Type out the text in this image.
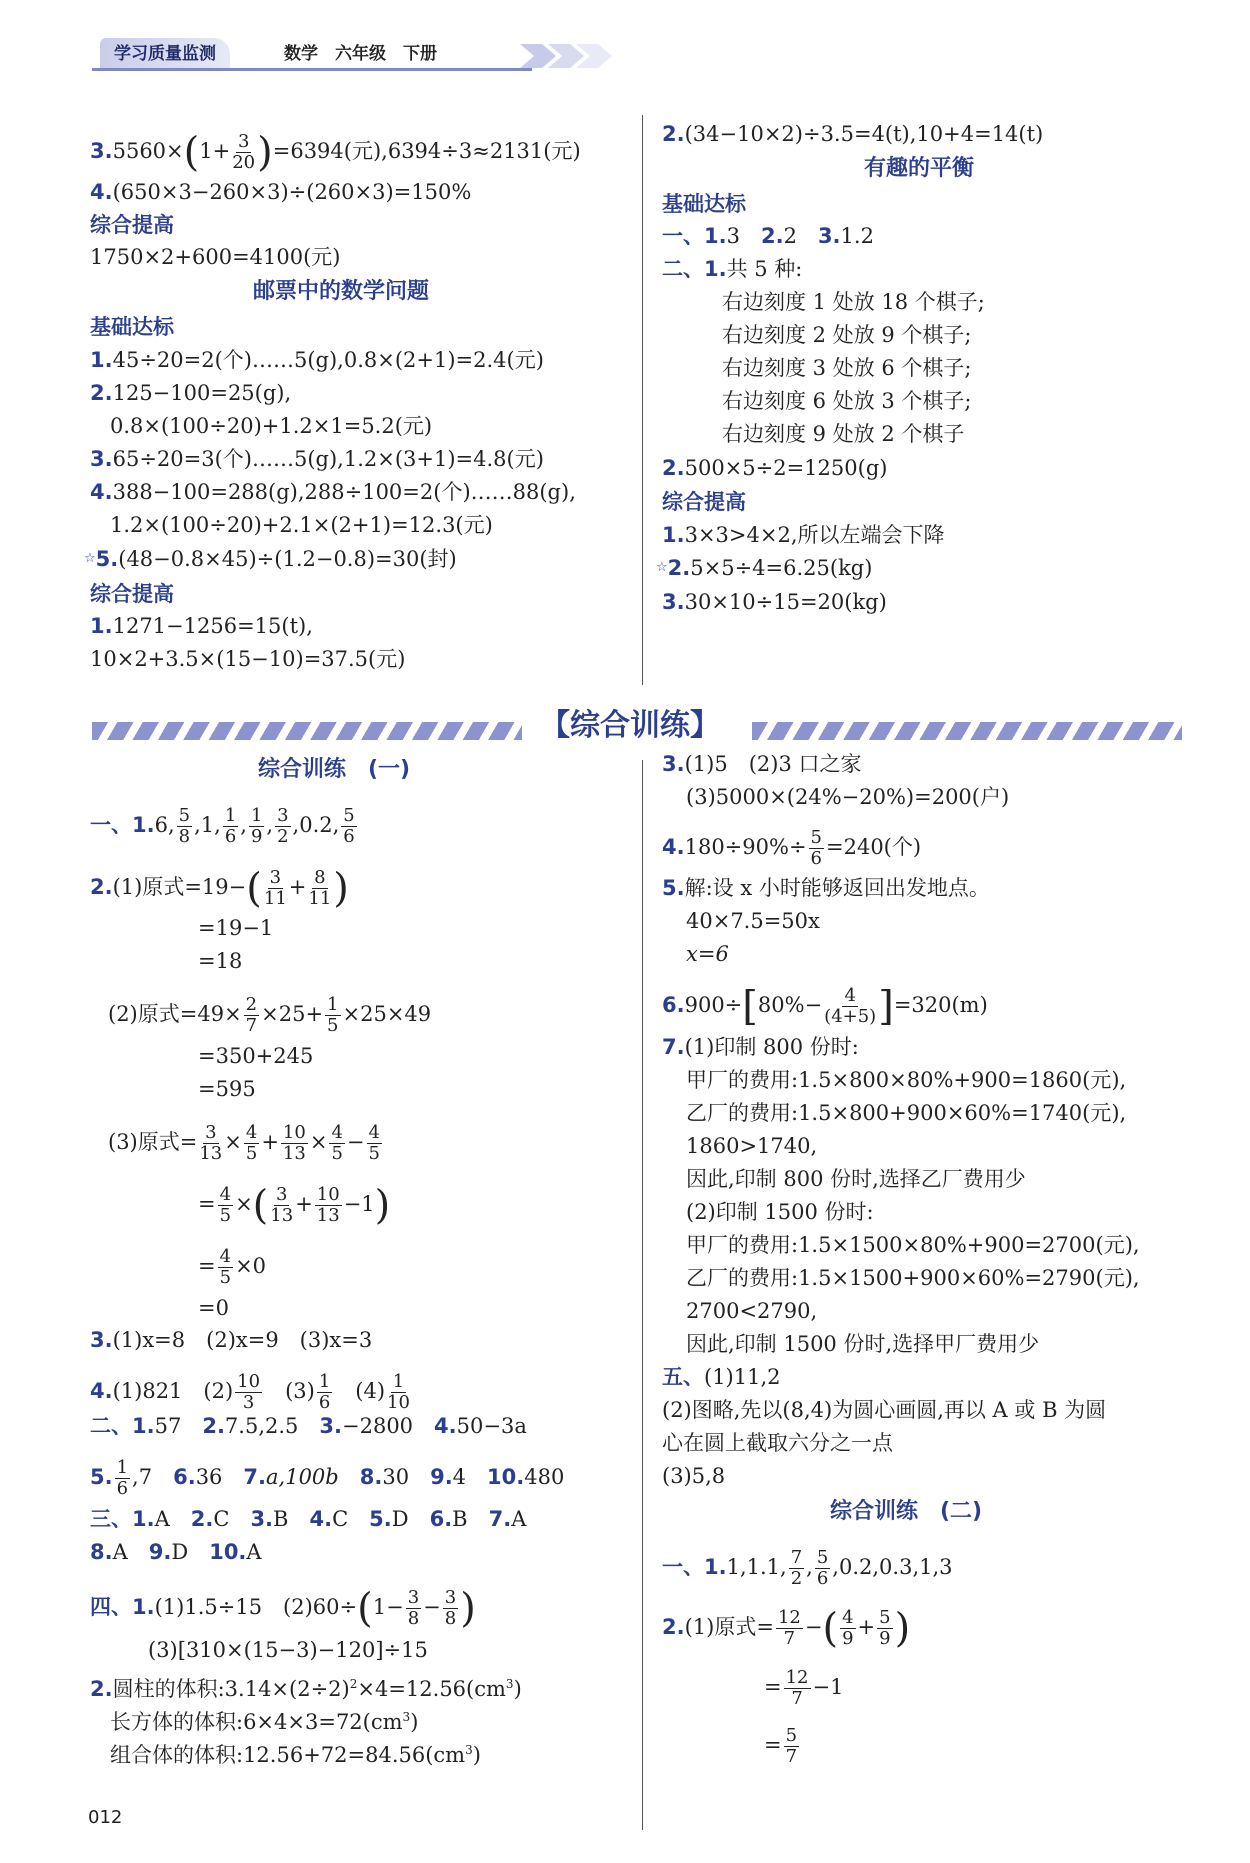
学习质量监测	数学　 六年级　 下册
$3.5560\times(1+ \frac{3}{20} )=6394$(元),6394÷3≈2131(元)
4.(650×3−260×3)÷(260×3)=150%
综合提高
1750×2+600=4100(元)
邮票中的数学问题
基础达标
1.45÷20=2(个)……5(g),0.8×(2+1)=2.4(元)
2.125−100=25(g),
0.8×(100÷20)+1.2×1=5.2(元)
3.65÷20=3(个)……5(g),1.2×(3+1)=4.8(元)
4.388−100=288(g),288÷100=2(个)……88(g),
1.2×(100÷20)+2.1×(2+1)=12.3(元)
☆5.(48−0.8×45)÷(1.2−0.8)=30(封)
综合提高
1.1271−1256=15(t),
10×2+3.5×(15−10)=37.5(元)
2.(34−10×2)÷3.5=4(t),10+4=14(t)
有趣的平衡
基础达标
一、1.3　 2.2　 3.1.2
二、1.共 5 种:
右边刻度 1 处放 18 个棋子;
右边刻度 2 处放 9 个棋子;
右边刻度 3 处放 6 个棋子;
右边刻度 6 处放 3 个棋子;
右边刻度 9 处放 2 个棋子
2.500×5÷2=1250(g)
综合提高
1.3×3>4×2,所以左端会下降
☆2.5×5÷4=6.25(kg)
3.30×10÷15=20(kg)
【综合训练】
综合训练　(一)
一、1.6, $\frac{5}{8} ,1$, $\frac{1}{6}$ , $\frac{1}{9}$ , $\frac{3}{2} ,0.2$, $\frac{5}{6}$
2.(1)原式$=19-( \frac{3}{11} + \frac{8}{11}$ )
=19−1
=18
(2)原式$=49\times \frac{2}{7} \times 25+ \frac{1}{5} \times 25\times 49$
=350+245
=595
(3)原式= $\frac{3}{13} \times \frac{4}{5} + \frac{10}{13} \times \frac{4}{5} - \frac{4}{5}$
= $\frac{4}{5}$ ×( $\frac{3}{13} + \frac{10}{13} -1$)
= $\frac{4}{5} \times 0$
=0
3.(1)x=8　(2)x=9　(3)x=3
4.(1)821　$(2) \frac{10}{3}$ 　$(3) \frac{1}{6}$ 　$(4) \frac{1}{10}$
二、1.57　 2.7.5,2.5　 3.−2800　 4.50−3a
5. $\frac{1}{6} ,7$　 6.36　 7.a,100b　 8.30　 9.4　 10.480
三、1.A　 2.C　 3.B　 4.C　 5.D　 6.B　 7.A
8.A　 9.D　 10.A
四、1.(1)1.5÷15　$(2)60\div(1- \frac{3}{8} - \frac{3}{8}$ )
(3)[310×(15−3)−120]÷15
2.圆柱的体积$:3.14\times(2\div 2)^2\times 4=12.56(cm^3)$
长方体的体积$:6\times 4\times 3=72(cm^3)$
组合体的体积$:12.56+72=84.56(cm^3)$
3.(1)5　(2)3 口之家
(3)5000×(24%−20%)=200(户)
$4.180\div 90\%\div \frac{5}{6} =240$(个)
5.解:设 x 小时能够返回出发地点。
40×7.5=50x
x=6
$6.900\div[80\%- \frac{4}{(4+5)} ]=320(m)$
7.(1)印制 800 份时:
甲厂的费用:1.5×800×80%+900=1860(元),
乙厂的费用:1.5×800+900×60%=1740(元),
1860>1740,
因此,印制 800 份时,选择乙厂费用少
(2)印制 1500 份时:
甲厂的费用:1.5×1500×80%+900=2700(元),
乙厂的费用:1.5×1500+900×60%=2790(元),
2700<2790,
因此,印制 1500 份时,选择甲厂费用少
五、(1)11,2
(2)图略,先以(8,4)为圆心画圆,再以 A 或 B 为圆
心在圆上截取六分之一点
(3)5,8
综合训练　(二)
一、1.1,1.1, $\frac{7}{2}$ , $\frac{5}{6} ,0.2,0.3,1,3$
2.(1)原式= $\frac{12}{7}$ −( $\frac{4}{9} + \frac{5}{9}$ )
= $\frac{12}{7} -1$
= $\frac{5}{7}$
012
